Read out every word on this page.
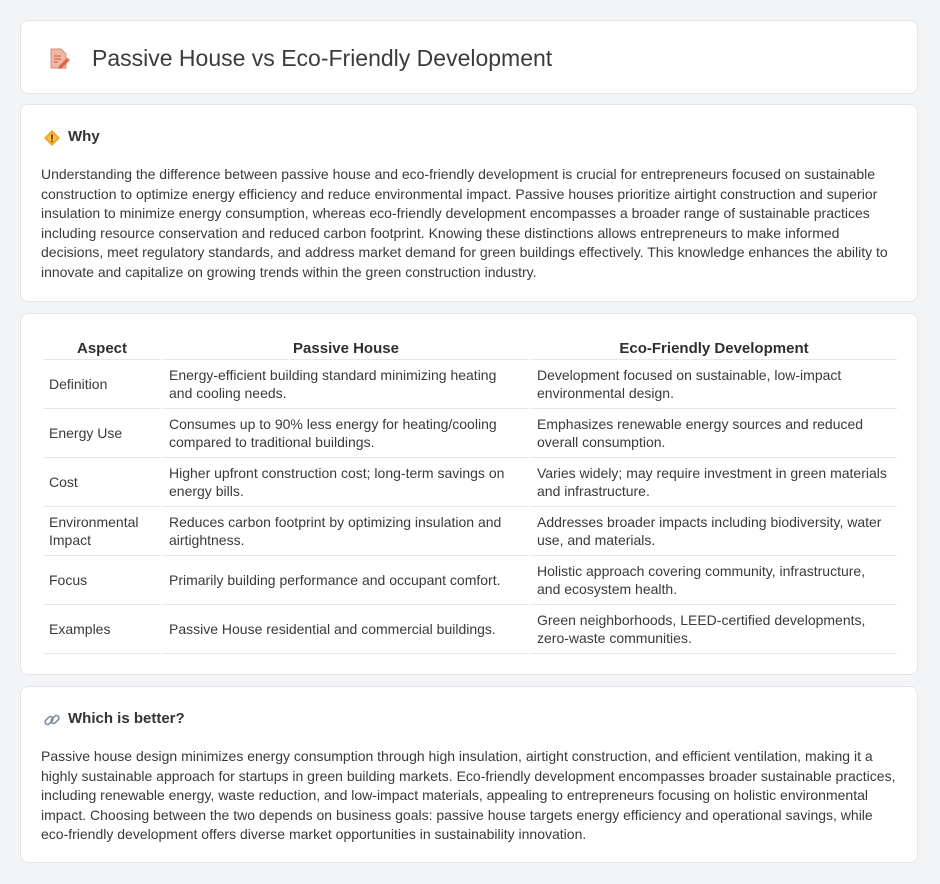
Passive House vs Eco-Friendly Development
Why
Understanding the difference between passive house and eco-friendly development is crucial for entrepreneurs focused on sustainable construction to optimize energy efficiency and reduce environmental impact. Passive houses prioritize airtight construction and superior insulation to minimize energy consumption, whereas eco-friendly development encompasses a broader range of sustainable practices including resource conservation and reduced carbon footprint. Knowing these distinctions allows entrepreneurs to make informed decisions, meet regulatory standards, and address market demand for green buildings effectively. This knowledge enhances the ability to innovate and capitalize on growing trends within the green construction industry.
Aspect	Passive House	Eco-Friendly Development
Definition	Energy-efficient building standard minimizing heating and cooling needs.	Development focused on sustainable, low-impact environmental design.
Energy Use	Consumes up to 90% less energy for heating/cooling compared to traditional buildings.	Emphasizes renewable energy sources and reduced overall consumption.
Cost	Higher upfront construction cost; long-term savings on energy bills.	Varies widely; may require investment in green materials and infrastructure.
Environmental Impact	Reduces carbon footprint by optimizing insulation and airtightness.	Addresses broader impacts including biodiversity, water use, and materials.
Focus	Primarily building performance and occupant comfort.	Holistic approach covering community, infrastructure, and ecosystem health.
Examples	Passive House residential and commercial buildings.	Green neighborhoods, LEED-certified developments, zero-waste communities.
Which is better?
Passive house design minimizes energy consumption through high insulation, airtight construction, and efficient ventilation, making it a highly sustainable approach for startups in green building markets. Eco-friendly development encompasses broader sustainable practices, including renewable energy, waste reduction, and low-impact materials, appealing to entrepreneurs focusing on holistic environmental impact. Choosing between the two depends on business goals: passive house targets energy efficiency and operational savings, while eco-friendly development offers diverse market opportunities in sustainability innovation.
